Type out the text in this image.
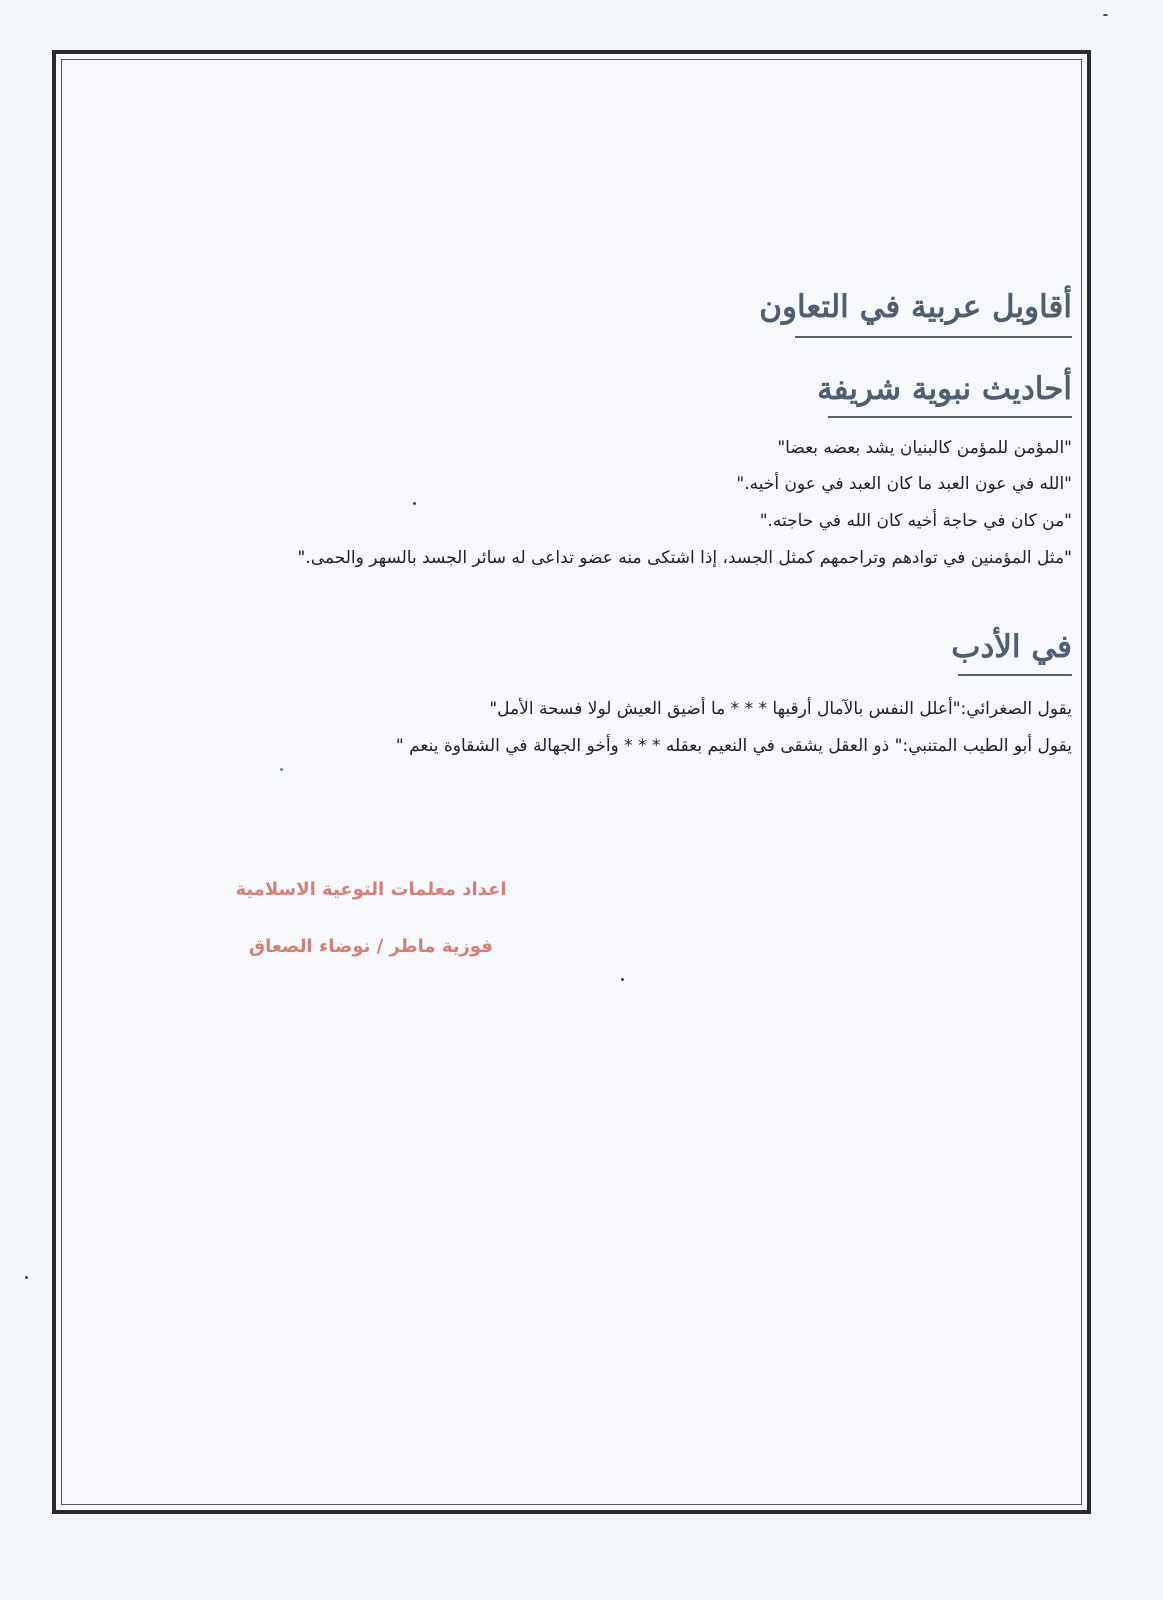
أقاويل عربية في التعاون
أحاديث نبوية شريفة
"المؤمن للمؤمن كالبنيان يشد بعضه بعضا"
"الله في عون العبد ما كان العبد في عون أخيه."
"من كان في حاجة أخيه كان الله في حاجته."
"مثل المؤمنين في توادهم وتراحمهم كمثل الجسد، إذا اشتكى منه عضو تداعى له سائر الجسد بالسهر والحمى."
في الأدب
يقول الصغرائي:"أعلل النفس بالآمال أرقبها * * * ما أضيق العيش لولا فسحة الأمل"
يقول أبو الطيب المتنبي:" ذو العقل يشقى في النعيم بعقله * * * وأخو الجهالة في الشقاوة ينعم "
اعداد معلمات التوعية الاسلامية
فوزية ماطر / نوضاء الصعاق
